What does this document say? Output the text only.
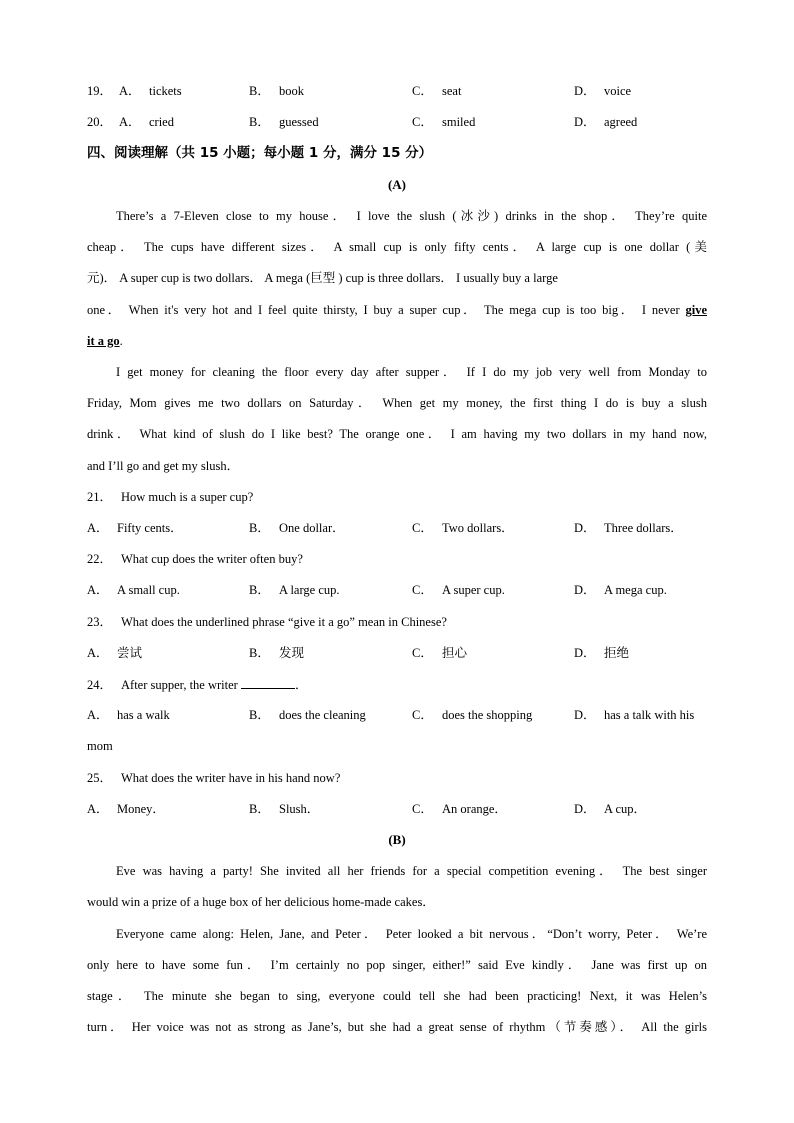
19． A． tickets	B． book	C． seat	D． voice
20． A． cried	B． guessed	C． smiled	D． agreed
四、阅读理解（共 15 小题；每小题 1 分，满分 15 分）
(A)
There’s a 7-Eleven close to my house． I love the slush (冰沙) drinks in the shop． They’re quite
cheap． The cups have different sizes． A small cup is only fifty cents． A large cup is one dollar (美
元)． A super cup is two dollars． A mega (巨型 ) cup is three dollars． I usually buy a large
one． When it's very hot and I feel quite thirsty, I buy a super cup． The mega cup is too big． I never give
it a go.
I get money for cleaning the floor every day after supper． If I do my job very well from Monday to
Friday, Mom gives me two dollars on Saturday． When get my money, the first thing I do is buy a slush
drink． What kind of slush do I like best? The orange one． I am having my two dollars in my hand now,
and I’ll go and get my slush．
21． How much is a super cup?
A． Fifty cents．	B． One dollar．	C． Two dollars．	D． Three dollars．
22． What cup does the writer often buy?
A． A small cup.	B． A large cup.	C． A super cup.	D． A mega cup.
23． What does the underlined phrase “give it a go” mean in Chinese?
A． 尝试	B． 发现	C． 担心	D． 拒绝
24． After supper, the writer	．
A． has a walk	B． does the cleaning	C． does the shopping	D． has a talk with his
mom
25． What does the writer have in his hand now?
A． Money．	B． Slush．	C． An orange．	D． A cup．
(B)
Eve was having a party! She invited all her friends for a special competition evening． The best singer
would win a prize of a huge box of her delicious home-made cakes．
Everyone came along: Helen, Jane, and Peter． Peter looked a bit nervous．“Don’t worry, Peter． We’re
only here to have some fun． I’m certainly no pop singer, either!” said Eve kindly． Jane was first up on
stage． The minute she began to sing, everyone could tell she had been practicing! Next, it was Helen’s
turn． Her voice was not as strong as Jane’s, but she had a great sense of rhythm（节奏感）． All the girls
